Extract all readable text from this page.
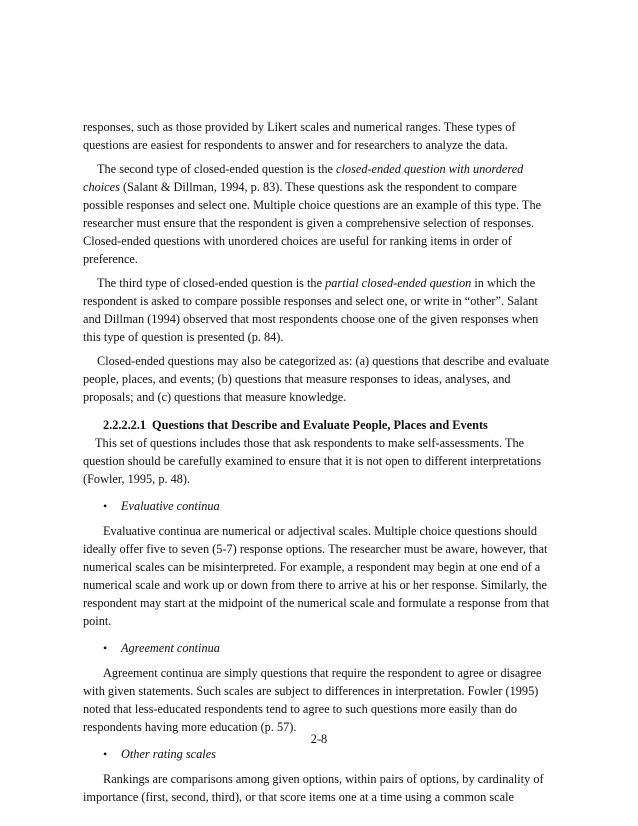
responses, such as those provided by Likert scales and numerical ranges. These types of questions are easiest for respondents to answer and for researchers to analyze the data.

The second type of closed-ended question is the closed-ended question with unordered choices (Salant & Dillman, 1994, p. 83). These questions ask the respondent to compare possible responses and select one. Multiple choice questions are an example of this type. The researcher must ensure that the respondent is given a comprehensive selection of responses. Closed-ended questions with unordered choices are useful for ranking items in order of preference.

The third type of closed-ended question is the partial closed-ended question in which the respondent is asked to compare possible responses and select one, or write in “other”. Salant and Dillman (1994) observed that most respondents choose one of the given responses when this type of question is presented (p. 84).

Closed-ended questions may also be categorized as: (a) questions that describe and evaluate people, places, and events; (b) questions that measure responses to ideas, analyses, and proposals; and (c) questions that measure knowledge.

2.2.2.2.1 Questions that Describe and Evaluate People, Places and Events

This set of questions includes those that ask respondents to make self-assessments. The question should be carefully examined to ensure that it is not open to different interpretations (Fowler, 1995, p. 48).

•	Evaluative continua

Evaluative continua are numerical or adjectival scales. Multiple choice questions should ideally offer five to seven (5-7) response options. The researcher must be aware, however, that numerical scales can be misinterpreted. For example, a respondent may begin at one end of a numerical scale and work up or down from there to arrive at his or her response. Similarly, the respondent may start at the midpoint of the numerical scale and formulate a response from that point.

•	Agreement continua

Agreement continua are simply questions that require the respondent to agree or disagree with given statements. Such scales are subject to differences in interpretation. Fowler (1995) noted that less-educated respondents tend to agree to such questions more easily than do respondents having more education (p. 57).

•	Other rating scales

Rankings are comparisons among given options, within pairs of options, by cardinality of importance (first, second, third), or that score items one at a time using a common scale

2-8
